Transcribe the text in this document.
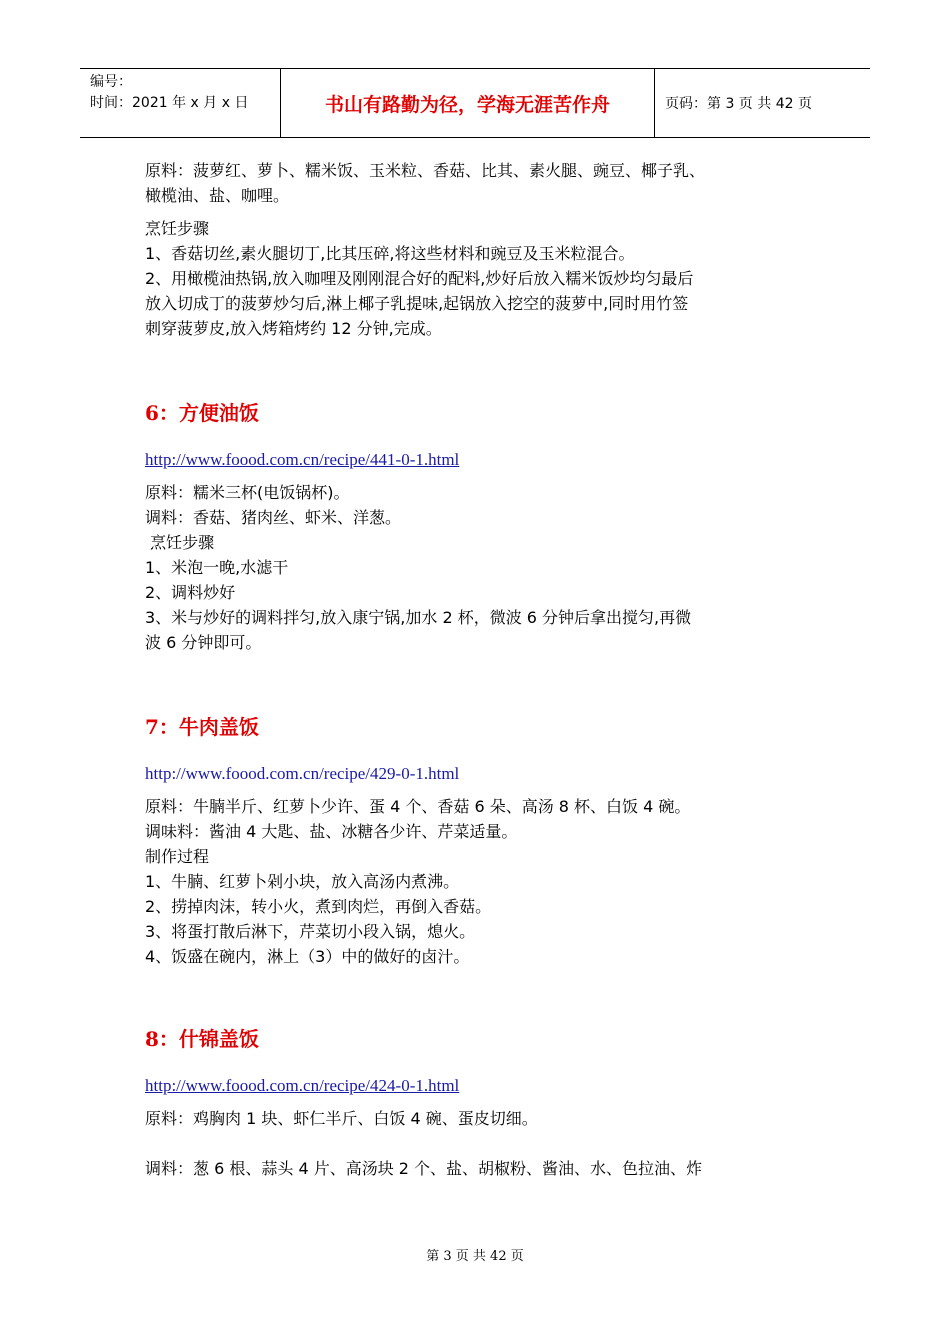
编号：
时间：2021 年 x 月 x 日	书山有路勤为径，学海无涯苦作舟	页码：第 3 页 共 42 页

原料：菠萝红、萝卜、糯米饭、玉米粒、香菇、比其、素火腿、豌豆、椰子乳、

橄榄油、盐、咖哩。

烹饪步骤

1、香菇切丝,素火腿切丁,比其压碎,将这些材料和豌豆及玉米粒混合。

2、用橄榄油热锅,放入咖哩及刚刚混合好的配料,炒好后放入糯米饭炒均匀最后

放入切成丁的菠萝炒匀后,淋上椰子乳提味,起锅放入挖空的菠萝中,同时用竹签

刺穿菠萝皮,放入烤箱烤约 12 分钟,完成。

6：方便油饭

http://www.foood.com.cn/recipe/441-0-1.html

原料：糯米三杯(电饭锅杯)。

调料：香菇、猪肉丝、虾米、洋葱。

烹饪步骤

1、米泡一晚,水滤干

2、调料炒好

3、米与炒好的调料拌匀,放入康宁锅,加水 2 杯，微波 6 分钟后拿出搅匀,再微

波 6 分钟即可。

7：牛肉盖饭

http://www.foood.com.cn/recipe/429-0-1.html

原料：牛腩半斤、红萝卜少许、蛋 4 个、香菇 6 朵、高汤 8 杯、白饭 4 碗。

调味料：酱油 4 大匙、盐、冰糖各少许、芹菜适量。

制作过程

1、牛腩、红萝卜剁小块，放入高汤内煮沸。

2、捞掉肉沫，转小火，煮到肉烂，再倒入香菇。

3、将蛋打散后淋下，芹菜切小段入锅，熄火。

4、饭盛在碗内，淋上（3）中的做好的卤汁。

8：什锦盖饭

http://www.foood.com.cn/recipe/424-0-1.html

原料：鸡胸肉 1 块、虾仁半斤、白饭 4 碗、蛋皮切细。

调料：葱 6 根、蒜头 4 片、高汤块 2 个、盐、胡椒粉、酱油、水、色拉油、炸

第 3 页 共 42 页
